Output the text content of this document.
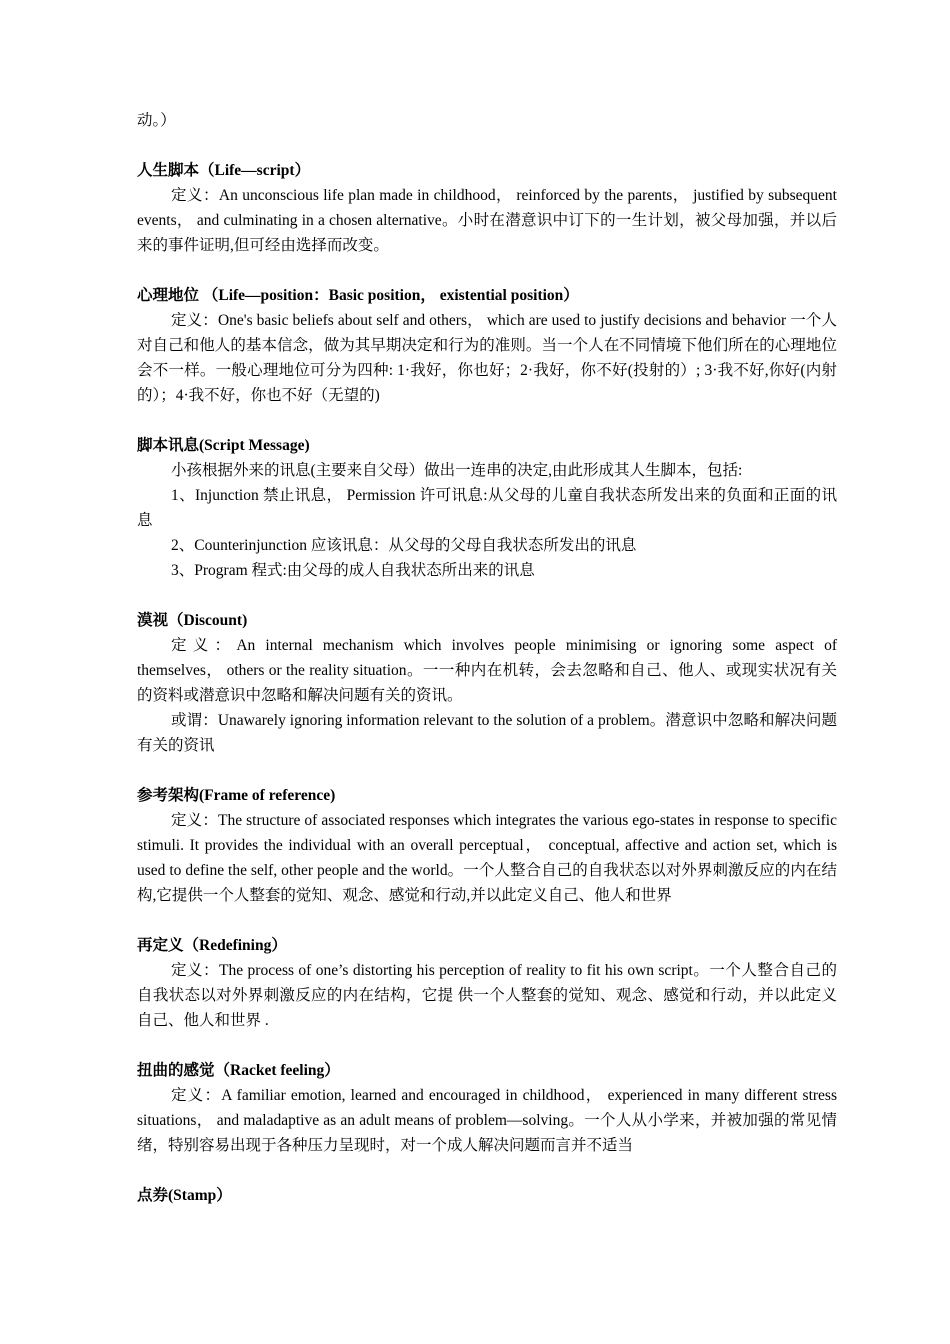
动。）

人生脚本（Life—script）

定义：An unconscious life plan made in childhood， reinforced by the parents， justified by subsequent events， and culminating in a chosen alternative。小时在潜意识中订下的一生计划，被父母加强，并以后来的事件证明,但可经由选择而改变。

心理地位 （Life—position：Basic position， existential position）

定义：One's basic beliefs about self and others， which are used to justify decisions and behavior 一个人对自己和他人的基本信念，做为其早期决定和行为的准则。当一个人在不同情境下他们所在的心理地位会不一样。一般心理地位可分为四种: 1·我好，你也好；2·我好，你不好(投射的）; 3·我不好,你好(内射的）；4·我不好，你也不好（无望的)

脚本讯息(Script Message)

小孩根据外来的讯息(主要来自父母）做出一连串的决定,由此形成其人生脚本，包括:

1、Injunction 禁止讯息， Permission 许可讯息:从父母的儿童自我状态所发出来的负面和正面的讯息

2、Counterinjunction 应该讯息：从父母的父母自我状态所发出的讯息

3、Program 程式:由父母的成人自我状态所出来的讯息

漠视（Discount)

定义：An internal mechanism which involves people minimising or ignoring some aspect of themselves， others or the reality situation。一一种内在机转，会去忽略和自己、他人、或现实状况有关的资料或潜意识中忽略和解决问题有关的资讯。

或谓：Unawarely ignoring information relevant to the solution of a problem。潜意识中忽略和解决问题有关的资讯

参考架构(Frame of reference)

定义：The structure of associated responses which integrates the various ego-states in response to specific stimuli. It provides the individual with an overall perceptual， conceptual, affective and action set, which is used to define the self, other people and the world。一个人整合自己的自我状态以对外界刺激反应的内在结构,它提供一个人整套的觉知、观念、感觉和行动,并以此定义自己、他人和世界

再定义（Redefining）

定义：The process of one’s distorting his perception of reality to fit his own script。一个人整合自己的自我状态以对外界刺激反应的内在结构，它提 供一个人整套的觉知、观念、感觉和行动，并以此定义自己、他人和世界 .

扭曲的感觉（Racket feeling）

定义：A familiar emotion, learned and encouraged in childhood， experienced in many different stress situations， and maladaptive as an adult means of problem—solving。一个人从小学来，并被加强的常见情绪，特别容易出现于各种压力呈现时，对一个成人解决问题而言并不适当

点券(Stamp）
